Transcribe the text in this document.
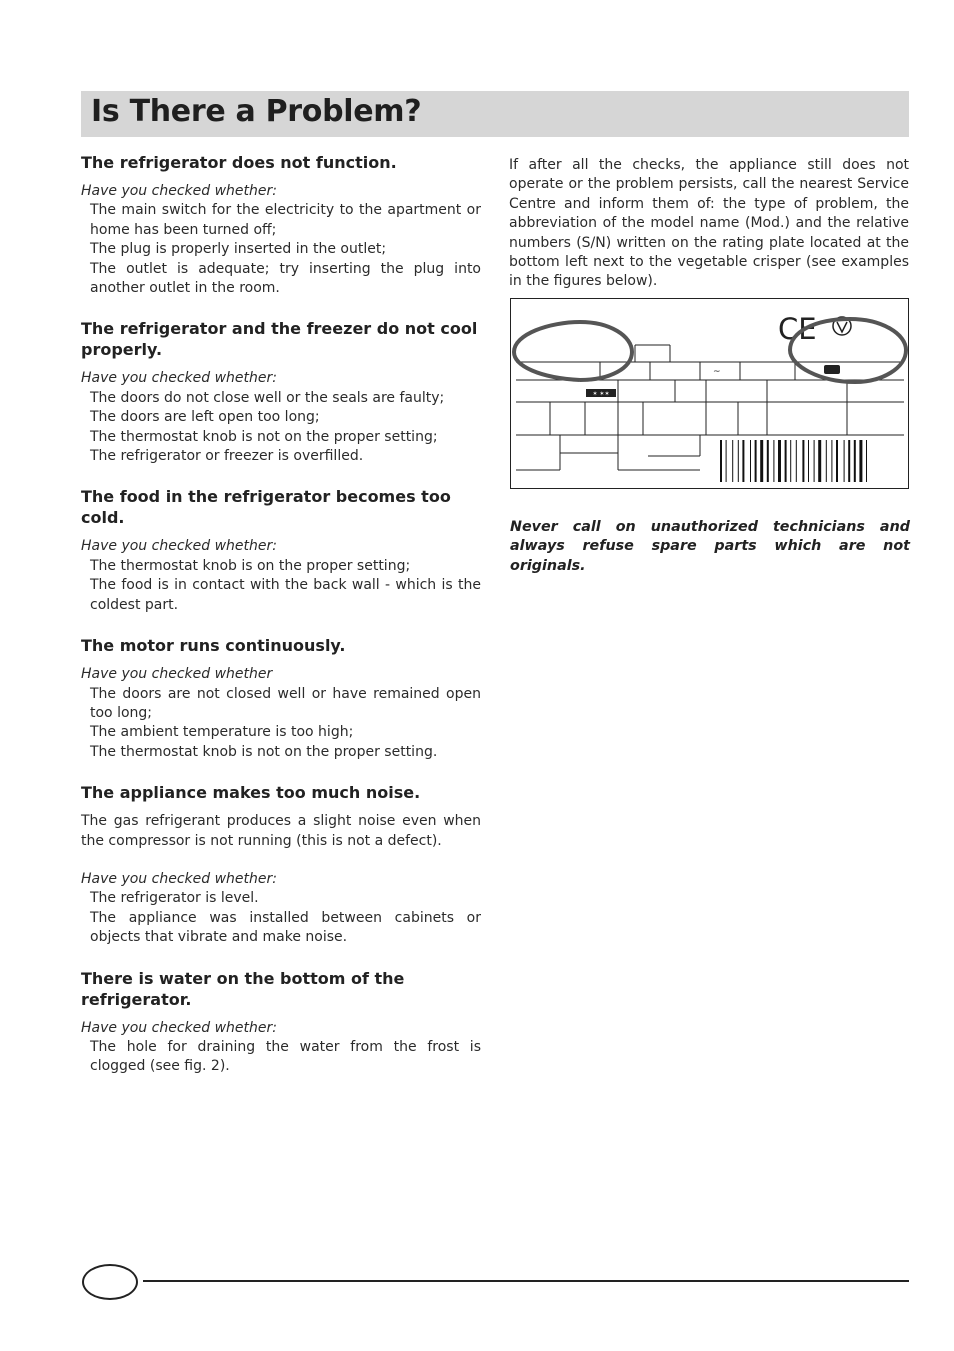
Is There a Problem?
The refrigerator does not function.

Have you checked whether:

The main switch for the electricity to the apartment or home has been turned off;

The plug is properly inserted in the outlet;

The outlet is adequate; try inserting the plug into another outlet in the room.

The refrigerator and the freezer do not cool properly.

Have you checked whether:

The doors do not close well or the seals are faulty;

The doors are left open too long;

The thermostat knob is not on the proper setting;

The refrigerator or freezer is overfilled.

The food in the refrigerator becomes too cold.

Have you checked whether:

The thermostat knob is on the proper setting;

The food is in contact with the back wall - which is the coldest part.

The motor runs continuously.

Have you checked whether

The doors are not closed well or have remained open too long;

The ambient temperature is too high;

The thermostat knob is not on the proper setting.

The appliance makes too much noise.

The gas refrigerant produces a slight noise even when the compressor is not running (this is not a defect).

Have you checked whether:

The refrigerator is level.

The appliance was installed between cabinets or objects that vibrate and make noise.

There is water on the bottom of the refrigerator.

Have you checked whether:

The hole for draining the water from the frost is clogged (see fig. 2).

If after all the checks, the appliance still does not operate or the problem persists, call the nearest Service Centre and inform them of: the type of problem, the abbreviation of the model name (Mod.) and the relative numbers (S/N) written on the rating plate located at the bottom left next to the vegetable crisper (see examples in the figures below).

✶ ✶✶
~
CE
Never call on unauthorized technicians and always refuse spare parts which are not originals.
